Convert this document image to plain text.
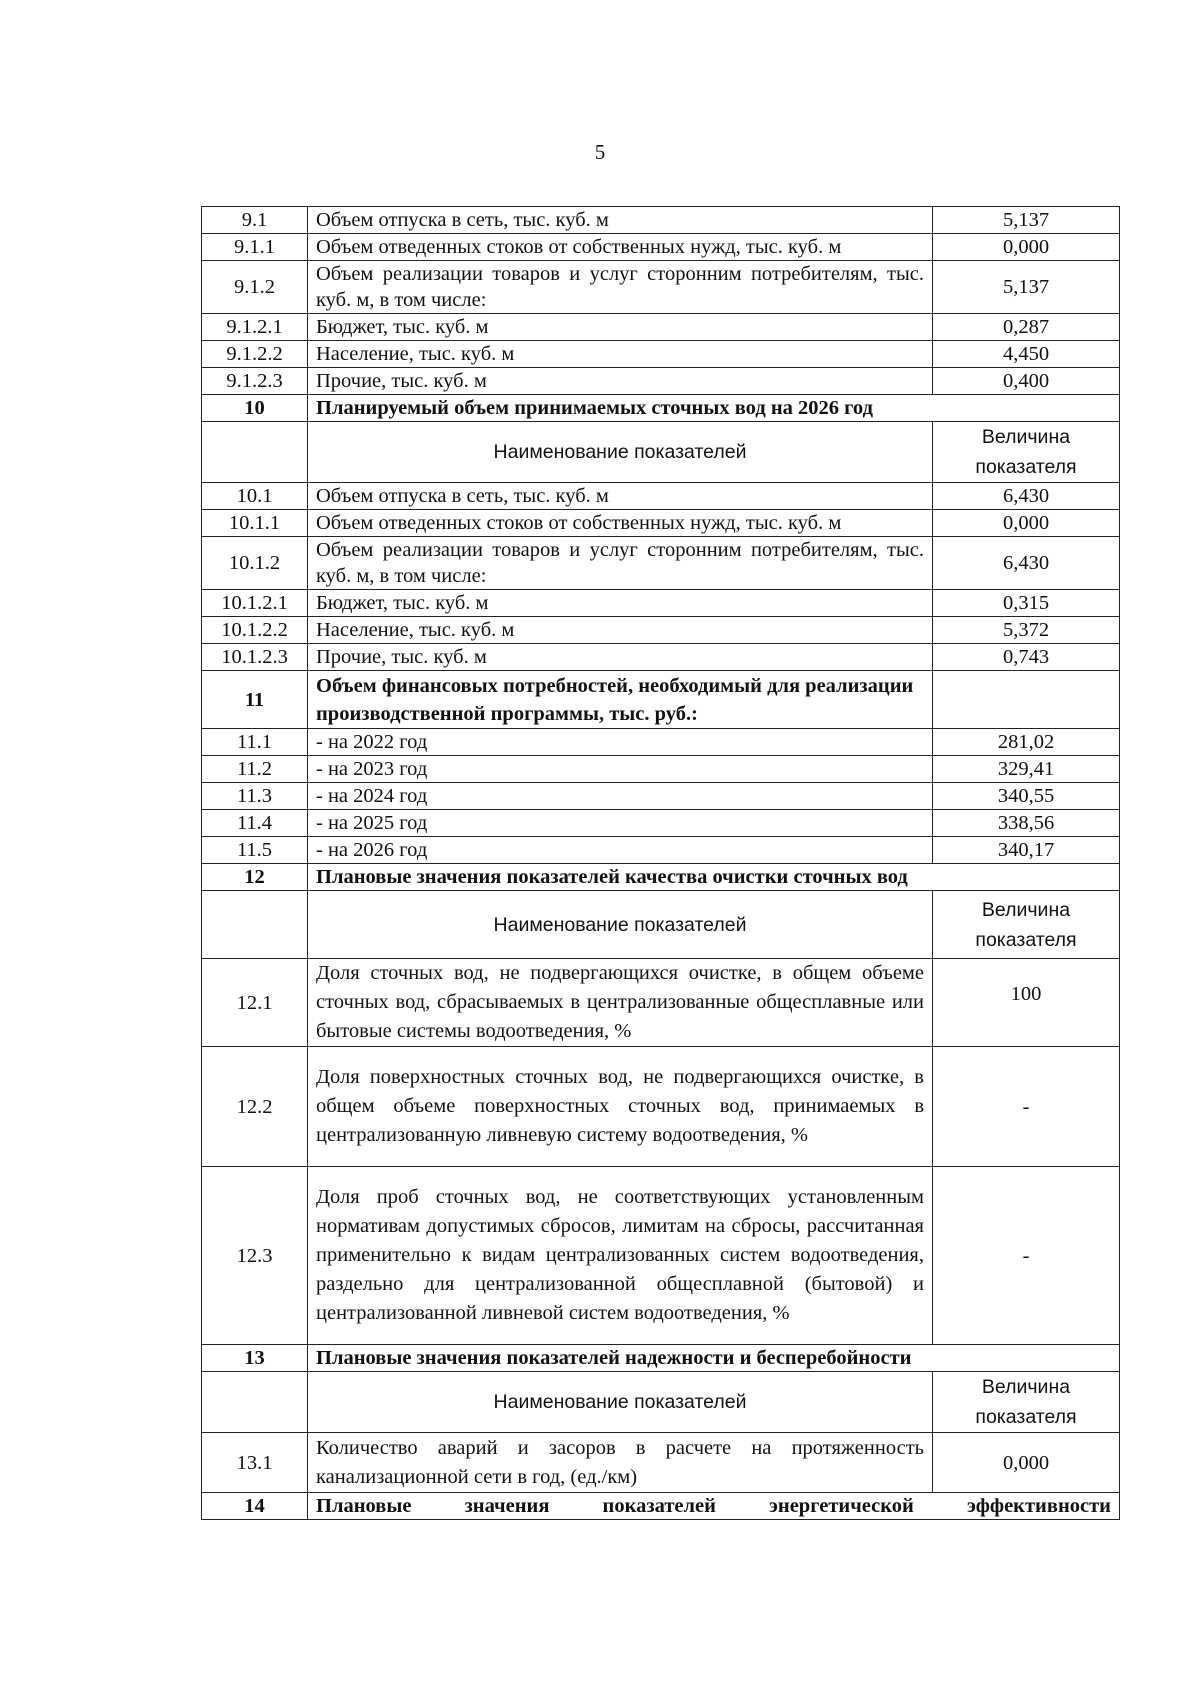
5
9.1	Объем отпуска в сеть, тыс. куб. м	5,137
9.1.1	Объем отведенных стоков от собственных нужд, тыс. куб. м	0,000
9.1.2	Объем реализации товаров и услуг сторонним потребителям, тыс. куб. м, в том числе:	5,137
9.1.2.1	Бюджет, тыс. куб. м	0,287
9.1.2.2	Население, тыс. куб. м	4,450
9.1.2.3	Прочие, тыс. куб. м	0,400
10	Планируемый объем принимаемых сточных вод на 2026 год	
	Наименование показателей	Величина показателя
10.1	Объем отпуска в сеть, тыс. куб. м	6,430
10.1.1	Объем отведенных стоков от собственных нужд, тыс. куб. м	0,000
10.1.2	Объем реализации товаров и услуг сторонним потребителям, тыс. куб. м, в том числе:	6,430
10.1.2.1	Бюджет, тыс. куб. м	0,315
10.1.2.2	Население, тыс. куб. м	5,372
10.1.2.3	Прочие, тыс. куб. м	0,743
11	Объем финансовых потребностей, необходимый для реализации производственной программы, тыс. руб.:	
11.1	- на 2022 год	281,02
11.2	- на 2023 год	329,41
11.3	- на 2024 год	340,55
11.4	- на 2025 год	338,56
11.5	- на 2026 год	340,17
12	Плановые значения показателей качества очистки сточных вод	
	Наименование показателей	Величина показателя
12.1	Доля сточных вод, не подвергающихся очистке, в общем объеме сточных вод, сбрасываемых в централизованные общесплавные или бытовые системы водоотведения, %	100
12.2	Доля поверхностных сточных вод, не подвергающихся очистке, в общем объеме поверхностных сточных вод, принимаемых в централизованную ливневую систему водоотведения, %	-
12.3	Доля проб сточных вод, не соответствующих установленным нормативам допустимых сбросов, лимитам на сбросы, рассчитанная применительно к видам централизованных систем водоотведения, раздельно для централизованной общесплавной (бытовой) и централизованной ливневой систем водоотведения, %	-
13	Плановые значения показателей надежности и бесперебойности	
	Наименование показателей	Величина показателя
13.1	Количество аварий и засоров в расчете на протяженность канализационной сети в год, (ед./км)	0,000
14	Плановые значения показателей энергетической эффективности	
